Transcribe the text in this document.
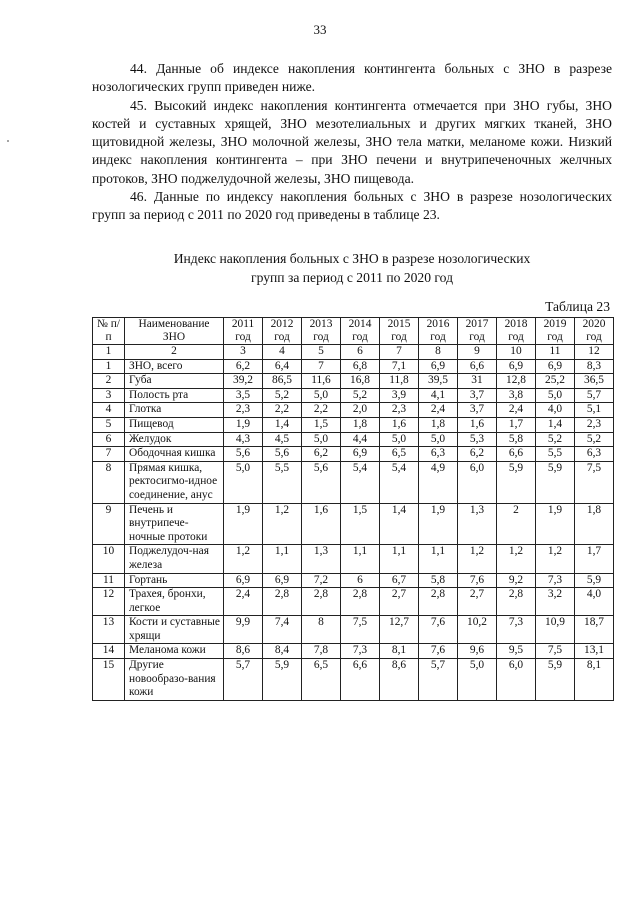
33

44. Данные об индексе накопления контингента больных с ЗНО в разрезе нозологических групп приведен ниже.

45. Высокий индекс накопления контингента отмечается при ЗНО губы, ЗНО костей и суставных хрящей, ЗНО мезотелиальных и других мягких тканей, ЗНО щитовидной железы, ЗНО молочной железы, ЗНО тела матки, меланоме кожи. Низкий индекс накопления контингента – при ЗНО печени и внутрипеченочных желчных протоков, ЗНО поджелудочной железы, ЗНО пищевода.

46. Данные по индексу накопления больных с ЗНО в разрезе нозологических групп за период с 2011 по 2020 год приведены в таблице 23.

Индекс накопления больных с ЗНО в разрезе нозологических
групп за период с 2011 по 2020 год
Таблица 23
№ п/п	Наименование ЗНО	2011 год	2012 год	2013 год	2014 год	2015 год	2016 год	2017 год	2018 год	2019 год	2020 год
1	2	3	4	5	6	7	8	9	10	11	12
1	ЗНО, всего	6,2	6,4	7	6,8	7,1	6,9	6,6	6,9	6,9	8,3
2	Губа	39,2	86,5	11,6	16,8	11,8	39,5	31	12,8	25,2	36,5
3	Полость рта	3,5	5,2	5,0	5,2	3,9	4,1	3,7	3,8	5,0	5,7
4	Глотка	2,3	2,2	2,2	2,0	2,3	2,4	3,7	2,4	4,0	5,1
5	Пищевод	1,9	1,4	1,5	1,8	1,6	1,8	1,6	1,7	1,4	2,3
6	Желудок	4,3	4,5	5,0	4,4	5,0	5,0	5,3	5,8	5,2	5,2
7	Ободочная кишка	5,6	5,6	6,2	6,9	6,5	6,3	6,2	6,6	5,5	6,3
8	Прямая кишка, ректосигмо-идное соединение, анус	5,0	5,5	5,6	5,4	5,4	4,9	6,0	5,9	5,9	7,5
9	Печень и внутрипече-ночные протоки	1,9	1,2	1,6	1,5	1,4	1,9	1,3	2	1,9	1,8
10	Поджелудоч-ная железа	1,2	1,1	1,3	1,1	1,1	1,1	1,2	1,2	1,2	1,7
11	Гортань	6,9	6,9	7,2	6	6,7	5,8	7,6	9,2	7,3	5,9
12	Трахея, бронхи, легкое	2,4	2,8	2,8	2,8	2,7	2,8	2,7	2,8	3,2	4,0
13	Кости и суставные хрящи	9,9	7,4	8	7,5	12,7	7,6	10,2	7,3	10,9	18,7
14	Меланома кожи	8,6	8,4	7,8	7,3	8,1	7,6	9,6	9,5	7,5	13,1
15	Другие новообразо-вания кожи	5,7	5,9	6,5	6,6	8,6	5,7	5,0	6,0	5,9	8,1
